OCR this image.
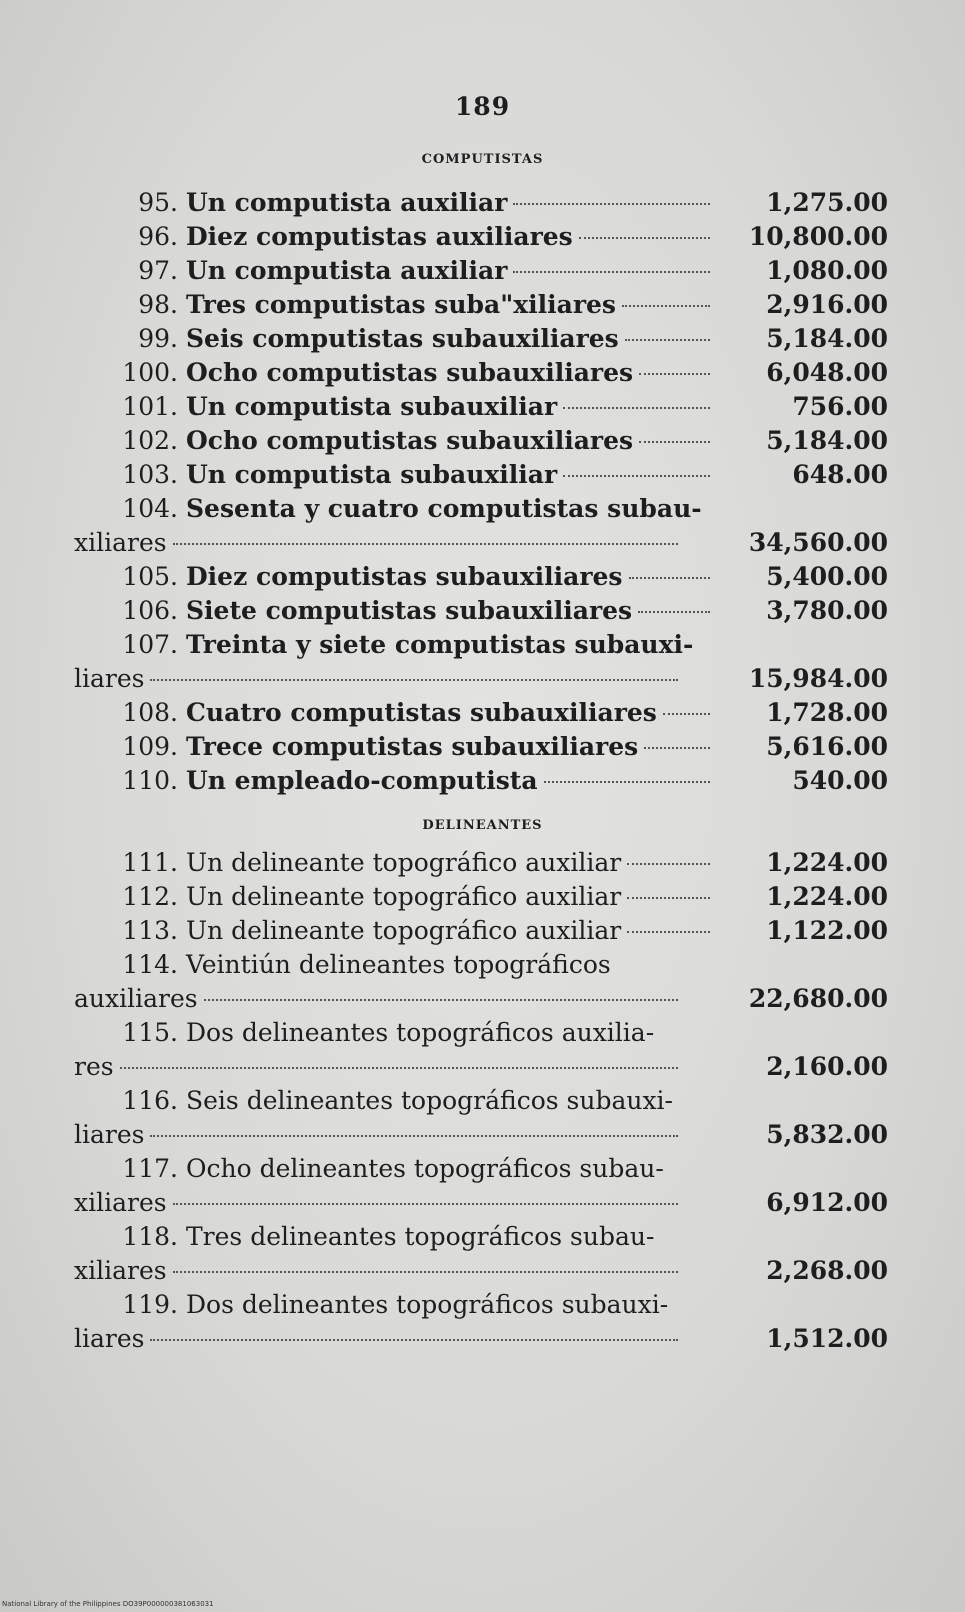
189
COMPUTISTAS
95. Un computista auxiliar	1,275.00
96. Diez computistas auxiliares	10,800.00
97. Un computista auxiliar	1,080.00
98. Tres computistas suba"xiliares	2,916.00
99. Seis computistas subauxiliares	5,184.00
100. Ocho computistas subauxiliares	6,048.00
101. Un computista subauxiliar	756.00
102. Ocho computistas subauxiliares	5,184.00
103. Un computista subauxiliar	648.00
104. Sesenta y cuatro computistas subau-
xiliares	34,560.00
105. Diez computistas subauxiliares	5,400.00
106. Siete computistas subauxiliares	3,780.00
107. Treinta y siete computistas subauxi-
liares	15,984.00
108. Cuatro computistas subauxiliares	1,728.00
109. Trece computistas subauxiliares	5,616.00
110. Un empleado-computista	540.00
DELINEANTES
111. Un delineante topográfico auxiliar	1,224.00
112. Un delineante topográfico auxiliar	1,224.00
113. Un delineante topográfico auxiliar	1,122.00
114. Veintiún delineantes topográficos
auxiliares	22,680.00
115. Dos delineantes topográficos auxilia-
res	2,160.00
116. Seis delineantes topográficos subauxi-
liares	5,832.00
117. Ocho delineantes topográficos subau-
xiliares	6,912.00
118. Tres delineantes topográficos subau-
xiliares	2,268.00
119. Dos delineantes topográficos subauxi-
liares	1,512.00
National Library of the Philippines DO39P000000381063031
